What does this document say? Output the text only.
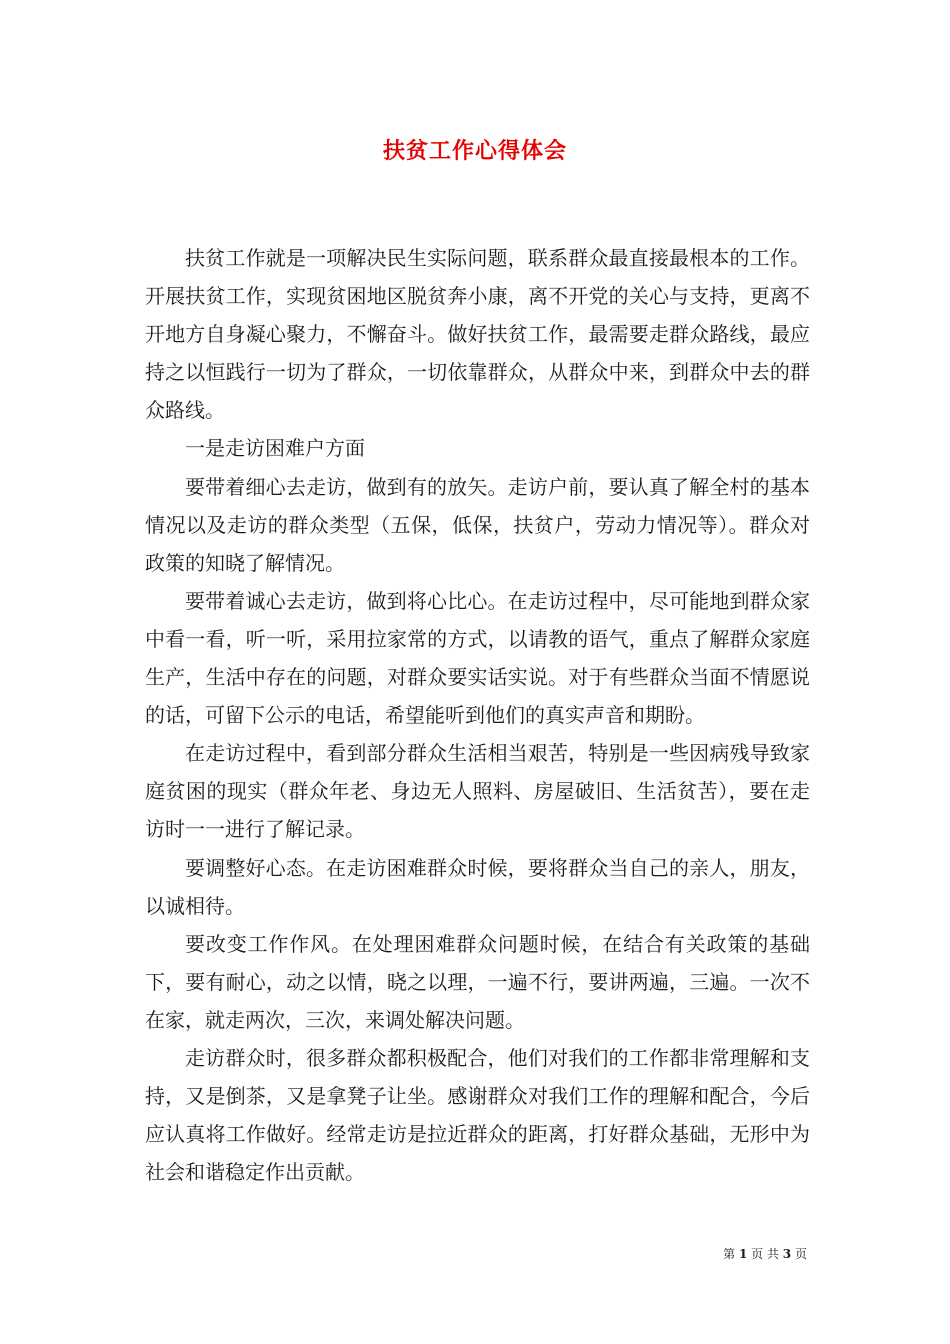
扶贫工作心得体会

扶贫工作就是一项解决民生实际问题，联系群众最直接最根本的工作。开展扶贫工作，实现贫困地区脱贫奔小康，离不开党的关心与支持，更离不开地方自身凝心聚力，不懈奋斗。做好扶贫工作，最需要走群众路线，最应持之以恒践行一切为了群众，一切依靠群众，从群众中来，到群众中去的群众路线。

一是走访困难户方面

要带着细心去走访，做到有的放矢。走访户前，要认真了解全村的基本情况以及走访的群众类型（五保，低保，扶贫户，劳动力情况等）。群众对政策的知晓了解情况。

要带着诚心去走访，做到将心比心。在走访过程中，尽可能地到群众家中看一看，听一听，采用拉家常的方式，以请教的语气，重点了解群众家庭生产，生活中存在的问题，对群众要实话实说。对于有些群众当面不情愿说的话，可留下公示的电话，希望能听到他们的真实声音和期盼。

在走访过程中，看到部分群众生活相当艰苦，特别是一些因病残导致家庭贫困的现实（群众年老、身边无人照料、房屋破旧、生活贫苦），要在走访时一一进行了解记录。

要调整好心态。在走访困难群众时候，要将群众当自己的亲人，朋友，以诚相待。

要改变工作作风。在处理困难群众问题时候，在结合有关政策的基础下，要有耐心，动之以情，晓之以理，一遍不行，要讲两遍，三遍。一次不在家，就走两次，三次，来调处解决问题。

走访群众时，很多群众都积极配合，他们对我们的工作都非常理解和支持，又是倒茶，又是拿凳子让坐。感谢群众对我们工作的理解和配合，今后应认真将工作做好。经常走访是拉近群众的距离，打好群众基础，无形中为社会和谐稳定作出贡献。

第 1 页 共 3 页
